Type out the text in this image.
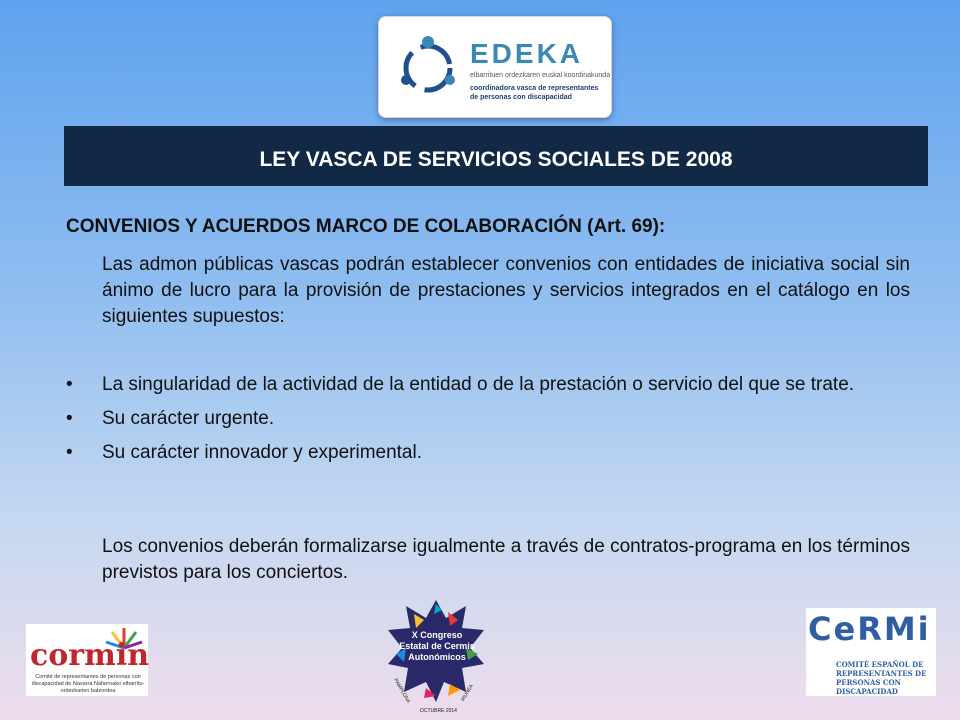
EDEKA
elbarrituen ordezkaren euskal koordinakunda
coordinadora vasca de representantes de personas con discapacidad
LEY VASCA DE SERVICIOS SOCIALES DE 2008
CONVENIOS Y ACUERDOS MARCO DE COLABORACIÓN (Art. 69):
Las admon públicas vascas podrán establecer convenios con entidades de iniciativa social sin ánimo de lucro para la provisión de prestaciones y servicios integrados en el catálogo en los siguientes supuestos:
• La singularidad de la actividad de la entidad o de la prestación o servicio del que se trate.
• Su carácter urgente.
• Su carácter innovador y experimental.
Los convenios deberán formalizarse igualmente a través de contratos-programa en los términos previstos para los conciertos.
cormin
Comité de representantes de personas con discapacidad de Navarra Nafarroako elbarritu-ordezkarien batzordea
X Congreso Estatal de Cermis Autonómicos
PAMPLONA	IRUÑEA
OCTUBRE 2014
CeRMi
COMITÉ ESPAÑOL DE REPRESENTANTES DE PERSONAS CON DISCAPACIDAD
